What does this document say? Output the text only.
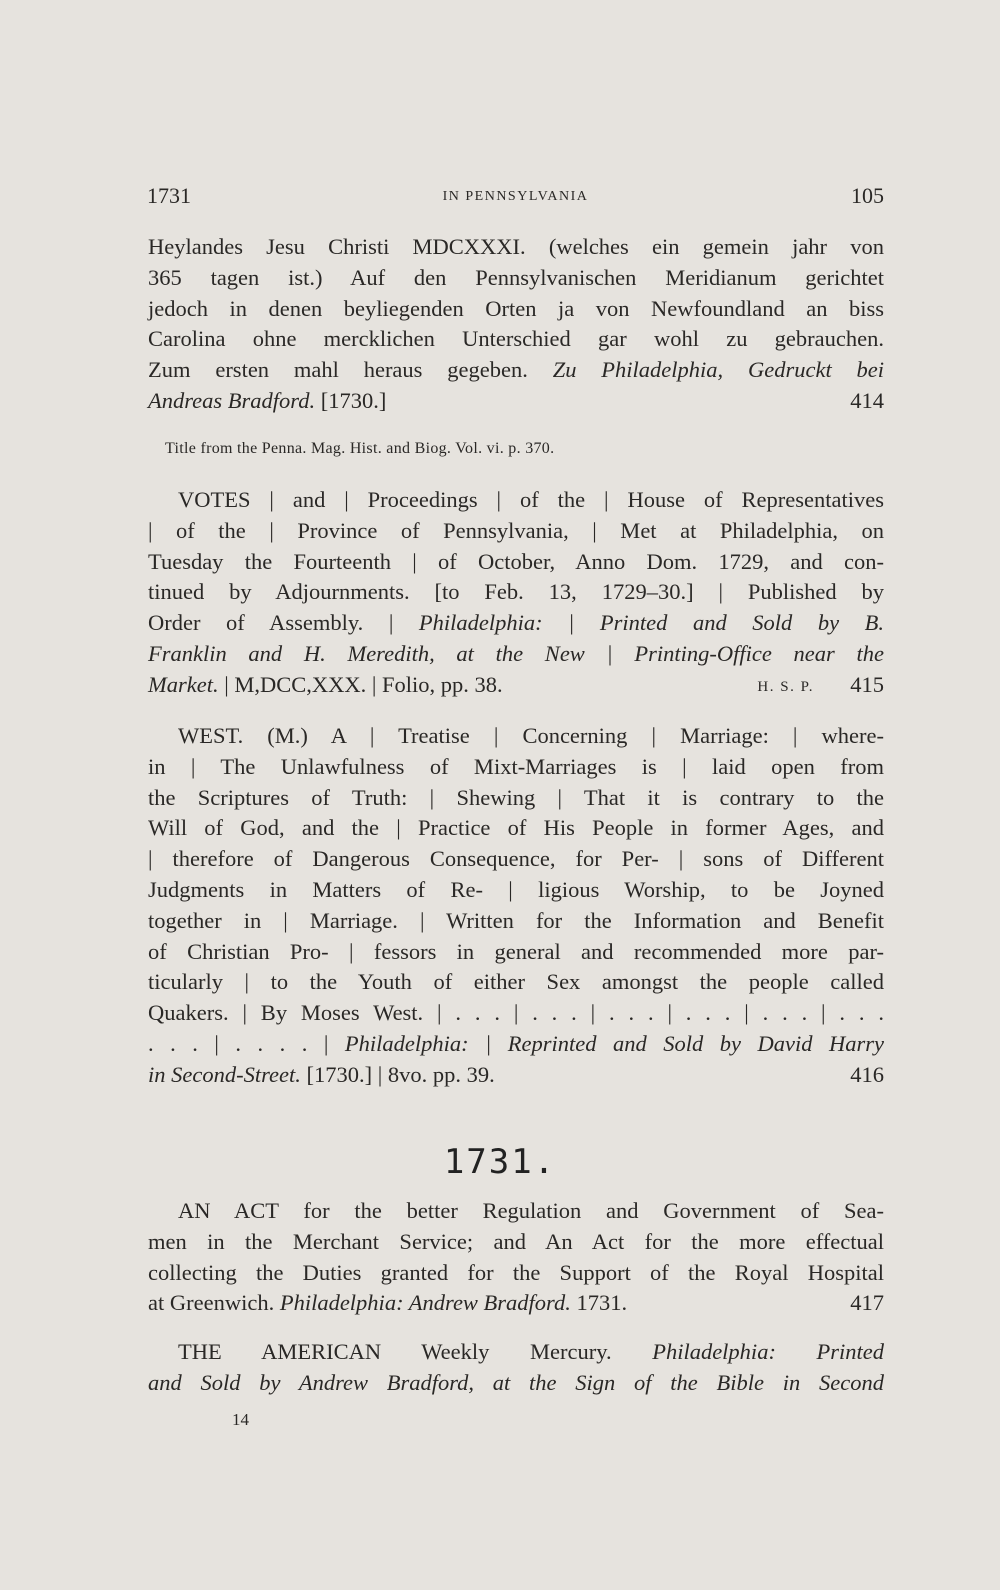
1731	IN PENNSYLVANIA	105
Heylandes Jesu Christi MDCXXXI. (welches ein gemein jahr von
365 tagen ist.) Auf den Pennsylvanischen Meridianum gerichtet
jedoch in denen beyliegenden Orten ja von Newfoundland an biss
Carolina ohne mercklichen Unterschied gar wohl zu gebrauchen.
Zum ersten mahl heraus gegeben. Zu Philadelphia, Gedruckt bei
Andreas Bradford. [1730.]	414
Title from the Penna. Mag. Hist. and Biog. Vol. vi. p. 370.
VOTES | and | Proceedings | of the | House of Representatives
| of the | Province of Pennsylvania, | Met at Philadelphia, on
Tuesday the Fourteenth | of October, Anno Dom. 1729, and con-
tinued by Adjournments. [to Feb. 13, 1729–30.] | Published by
Order of Assembly. | Philadelphia: | Printed and Sold by B.
Franklin and H. Meredith, at the New | Printing-Office near the
Market. | M,DCC,XXX. | Folio, pp. 38.	H. S. P. 415
WEST. (M.) A | Treatise | Concerning | Marriage: | where-
in | The Unlawfulness of Mixt-Marriages is | laid open from
the Scriptures of Truth: | Shewing | That it is contrary to the
Will of God, and the | Practice of His People in former Ages, and
| therefore of Dangerous Consequence, for Per- | sons of Different
Judgments in Matters of Re- | ligious Worship, to be Joyned
together in | Marriage. | Written for the Information and Benefit
of Christian Pro- | fessors in general and recommended more par-
ticularly | to the Youth of either Sex amongst the people called
Quakers. | By Moses West. | . . . | . . . | . . . | . . . | . . . | . . .
. . . | . . . . | Philadelphia: | Reprinted and Sold by David Harry
in Second-Street. [1730.] | 8vo. pp. 39.	416
1731.
AN ACT for the better Regulation and Government of Sea-
men in the Merchant Service; and An Act for the more effectual
collecting the Duties granted for the Support of the Royal Hospital
at Greenwich. Philadelphia: Andrew Bradford. 1731.	417
THE AMERICAN Weekly Mercury. Philadelphia: Printed
and Sold by Andrew Bradford, at the Sign of the Bible in Second
14
